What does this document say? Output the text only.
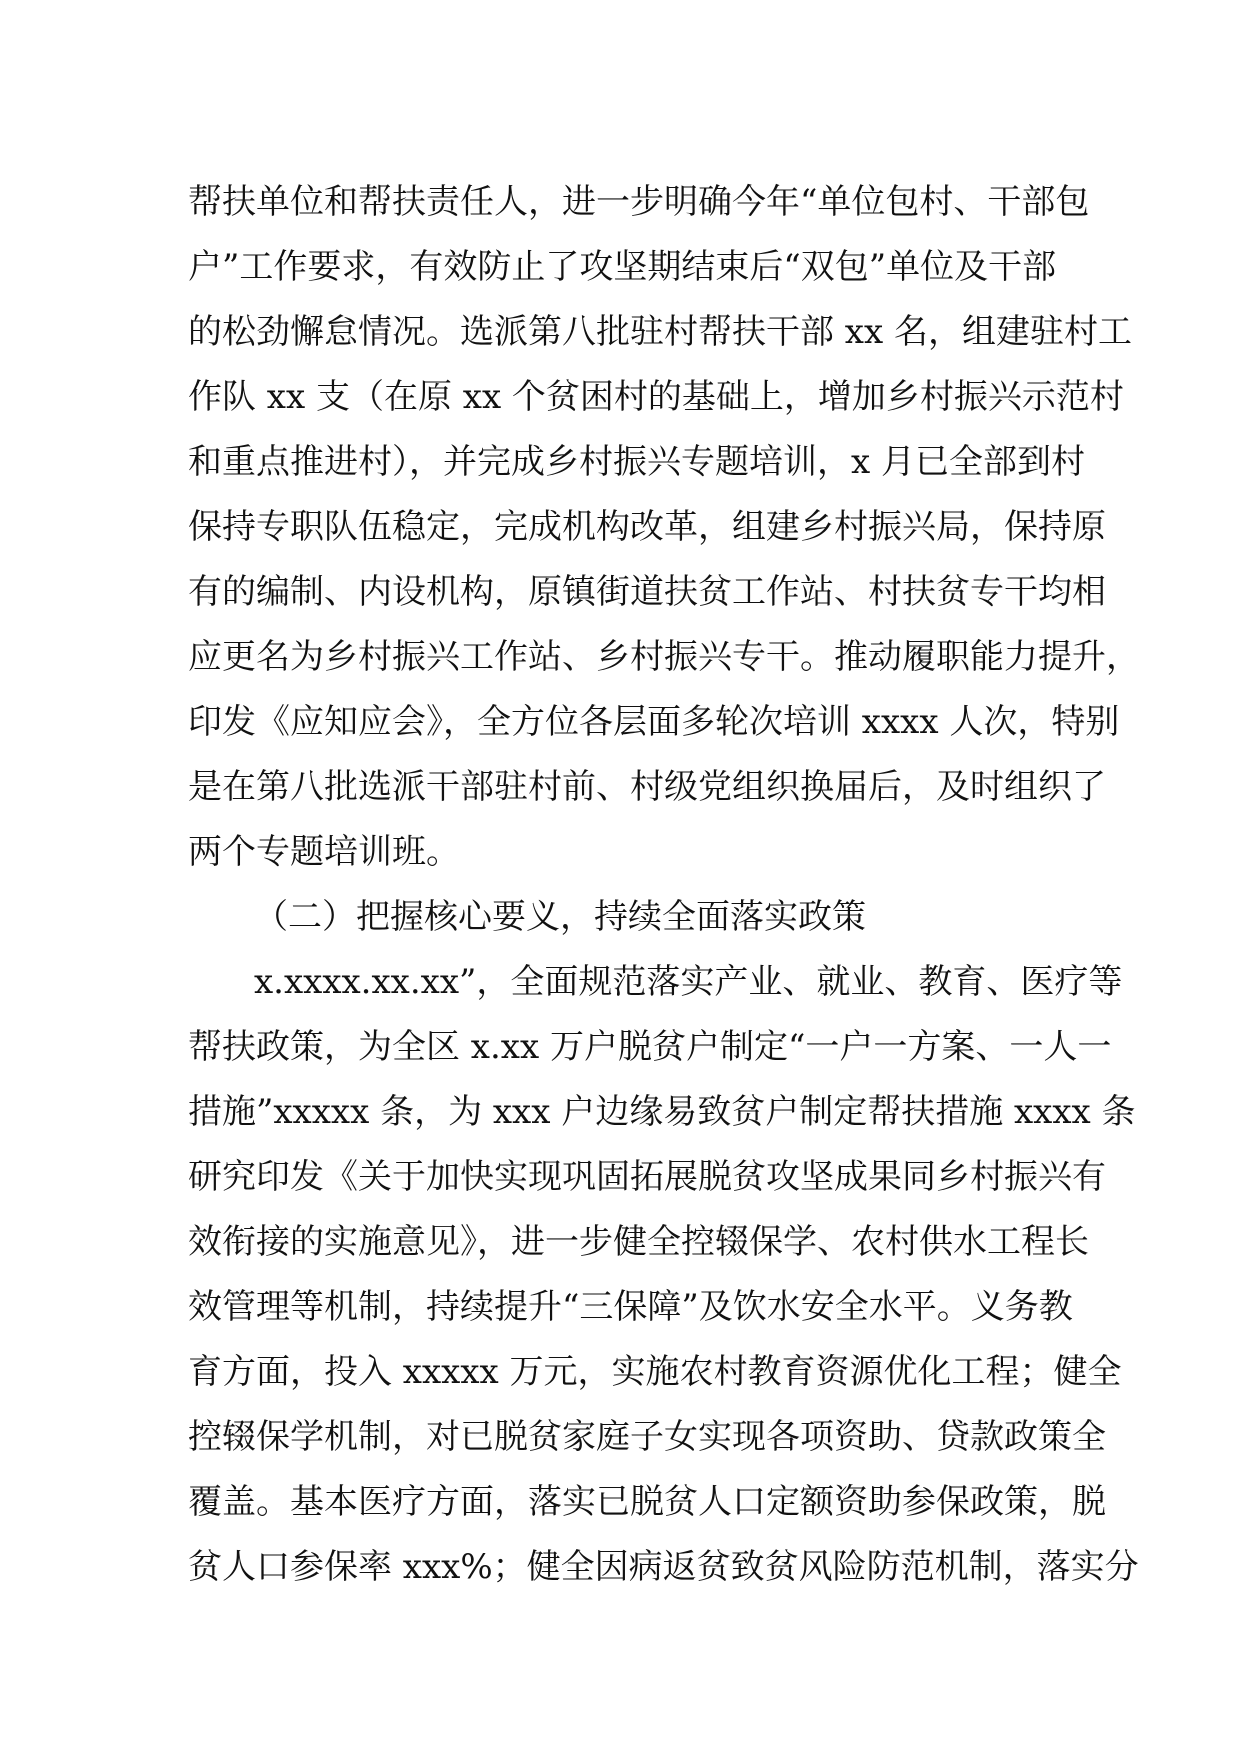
帮扶单位和帮扶责任人，进一步明确今年“单位包村、干部包
户”工作要求，有效防止了攻坚期结束后“双包”单位及干部
的松劲懈怠情况。选派第八批驻村帮扶干部 xx 名，组建驻村工
作队 xx 支（在原 xx 个贫困村的基础上，增加乡村振兴示范村
和重点推进村），并完成乡村振兴专题培训，x 月已全部到村
保持专职队伍稳定，完成机构改革，组建乡村振兴局，保持原
有的编制、内设机构，原镇街道扶贫工作站、村扶贫专干均相
应更名为乡村振兴工作站、乡村振兴专干。推动履职能力提升，
印发《应知应会》，全方位各层面多轮次培训 xxxx 人次，特别
是在第八批选派干部驻村前、村级党组织换届后，及时组织了
两个专题培训班。
（二）把握核心要义，持续全面落实政策
x.xxxx.xx.xx”，全面规范落实产业、就业、教育、医疗等
帮扶政策，为全区 x.xx 万户脱贫户制定“一户一方案、一人一
措施”xxxxx 条，为 xxx 户边缘易致贫户制定帮扶措施 xxxx 条
研究印发《关于加快实现巩固拓展脱贫攻坚成果同乡村振兴有
效衔接的实施意见》，进一步健全控辍保学、农村供水工程长
效管理等机制，持续提升“三保障”及饮水安全水平。义务教
育方面，投入 xxxxx 万元，实施农村教育资源优化工程；健全
控辍保学机制，对已脱贫家庭子女实现各项资助、贷款政策全
覆盖。基本医疗方面，落实已脱贫人口定额资助参保政策，脱
贫人口参保率 xxx%；健全因病返贫致贫风险防范机制，落实分
